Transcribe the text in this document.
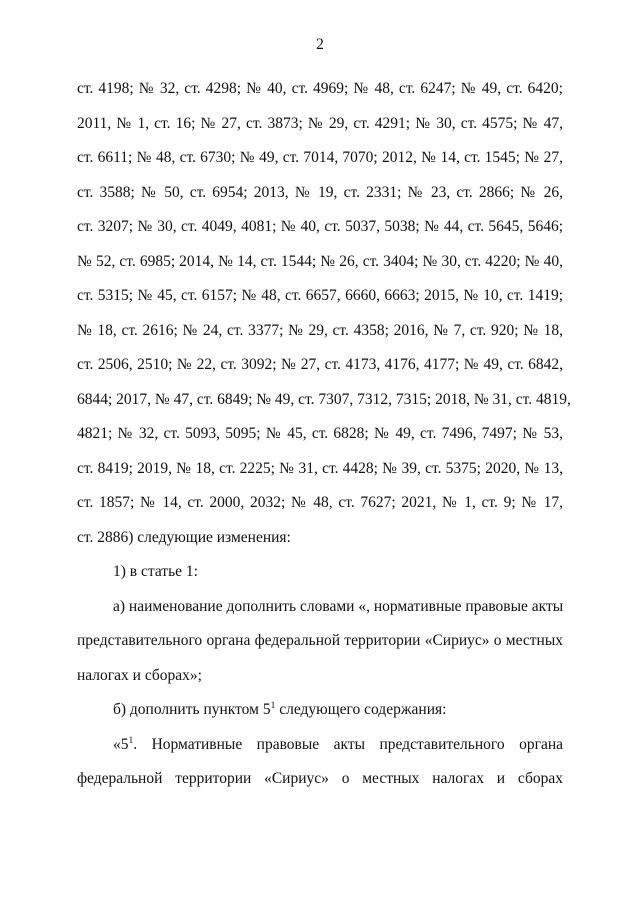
2

ст. 4198; № 32, ст. 4298; № 40, ст. 4969; № 48, ст. 6247; № 49, ст. 6420;

2011, № 1, ст. 16; № 27, ст. 3873; № 29, ст. 4291; № 30, ст. 4575; № 47,

ст. 6611; № 48, ст. 6730; № 49, ст. 7014, 7070; 2012, № 14, ст. 1545; № 27,

ст. 3588; № 50, ст. 6954; 2013, № 19, ст. 2331; № 23, ст. 2866; № 26,

ст. 3207; № 30, ст. 4049, 4081; № 40, ст. 5037, 5038; № 44, ст. 5645, 5646;

№ 52, ст. 6985; 2014, № 14, ст. 1544; № 26, ст. 3404; № 30, ст. 4220; № 40,

ст. 5315; № 45, ст. 6157; № 48, ст. 6657, 6660, 6663; 2015, № 10, ст. 1419;

№ 18, ст. 2616; № 24, ст. 3377; № 29, ст. 4358; 2016, № 7, ст. 920; № 18,

ст. 2506, 2510; № 22, ст. 3092; № 27, ст. 4173, 4176, 4177; № 49, ст. 6842,

6844; 2017, № 47, ст. 6849; № 49, ст. 7307, 7312, 7315; 2018, № 31, ст. 4819,

4821; № 32, ст. 5093, 5095; № 45, ст. 6828; № 49, ст. 7496, 7497; № 53,

ст. 8419; 2019, № 18, ст. 2225; № 31, ст. 4428; № 39, ст. 5375; 2020, № 13,

ст. 1857; № 14, ст. 2000, 2032; № 48, ст. 7627; 2021, № 1, ст. 9; № 17,

ст. 2886) следующие изменения:

1) в статье 1:

а) наименование дополнить словами «, нормативные правовые акты

представительного органа федеральной территории «Сириус» о местных

налогах и сборах»;

б) дополнить пунктом $5^1$ следующего содержания:

«$5^1$. Нормативные правовые акты представительного органа

федеральной территории «Сириус» о местных налогах и сборах
